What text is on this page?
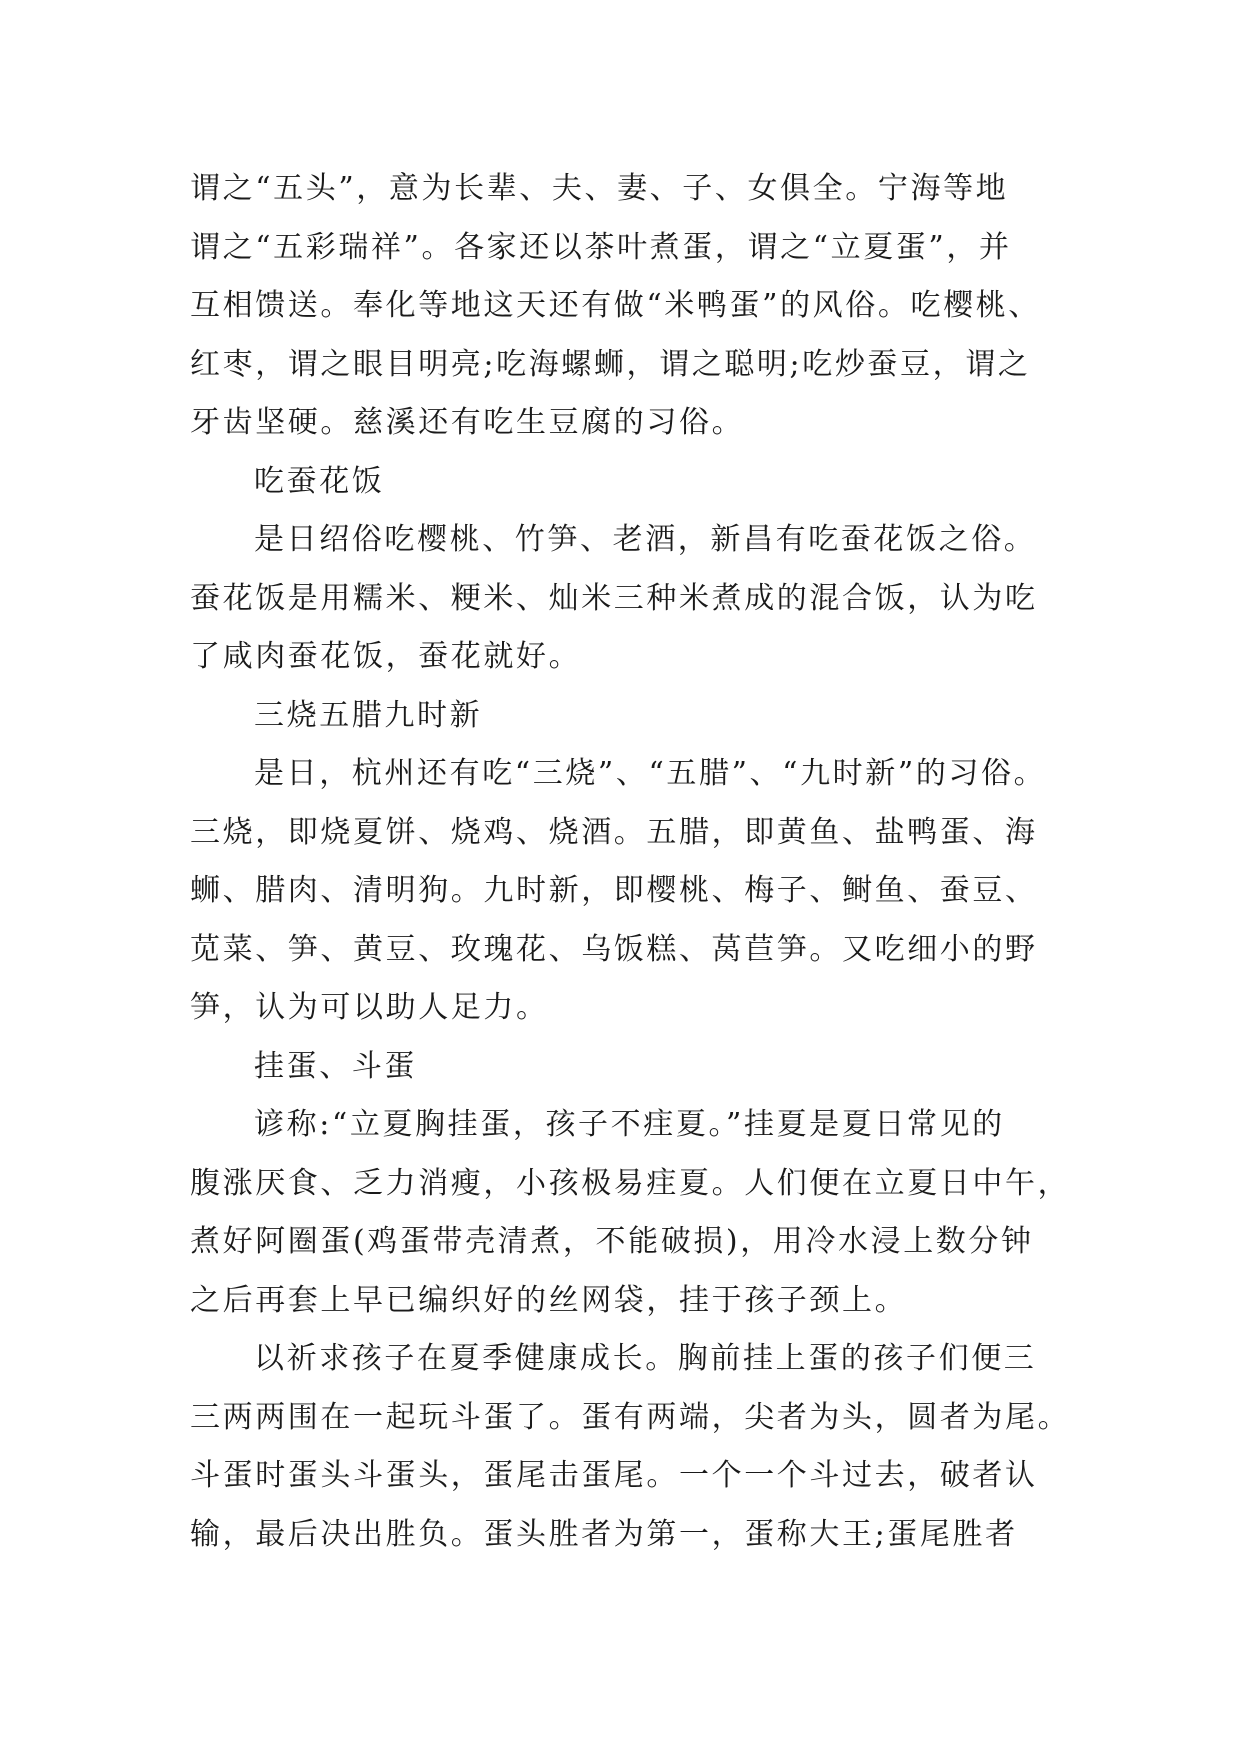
谓之“五头”，意为长辈、夫、妻、子、女俱全。宁海等地
谓之“五彩瑞祥”。各家还以茶叶煮蛋，谓之“立夏蛋”，并
互相馈送。奉化等地这天还有做“米鸭蛋”的风俗。吃樱桃、
红枣，谓之眼目明亮;吃海螺蛳，谓之聪明;吃炒蚕豆，谓之
牙齿坚硬。慈溪还有吃生豆腐的习俗。
吃蚕花饭
是日绍俗吃樱桃、竹笋、老酒，新昌有吃蚕花饭之俗。
蚕花饭是用糯米、粳米、灿米三种米煮成的混合饭，认为吃
了咸肉蚕花饭，蚕花就好。
三烧五腊九时新
是日，杭州还有吃“三烧”、“五腊”、“九时新”的习俗。
三烧，即烧夏饼、烧鸡、烧酒。五腊，即黄鱼、盐鸭蛋、海
蛳、腊肉、清明狗。九时新，即樱桃、梅子、鲥鱼、蚕豆、
苋菜、笋、黄豆、玫瑰花、乌饭糕、莴苣笋。又吃细小的野
笋，认为可以助人足力。
挂蛋、斗蛋
谚称:“立夏胸挂蛋，孩子不疰夏。”挂夏是夏日常见的
腹涨厌食、乏力消瘦，小孩极易疰夏。人们便在立夏日中午，
煮好阿圈蛋(鸡蛋带壳清煮，不能破损)，用冷水浸上数分钟
之后再套上早已编织好的丝网袋，挂于孩子颈上。
以祈求孩子在夏季健康成长。胸前挂上蛋的孩子们便三
三两两围在一起玩斗蛋了。蛋有两端，尖者为头，圆者为尾。
斗蛋时蛋头斗蛋头，蛋尾击蛋尾。一个一个斗过去，破者认
输，最后决出胜负。蛋头胜者为第一，蛋称大王;蛋尾胜者
